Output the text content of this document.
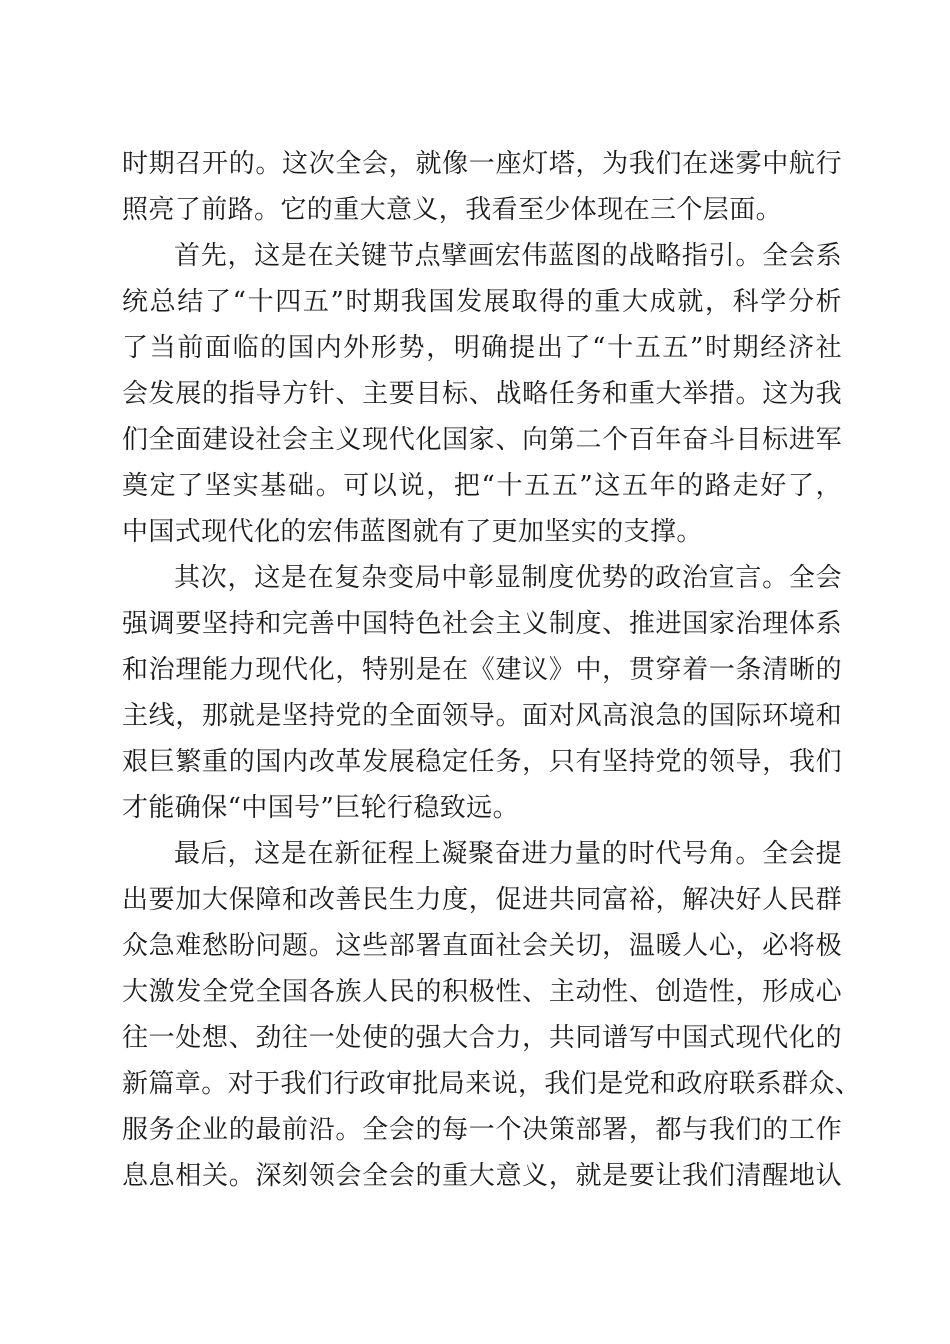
时期召开的。这次全会，就像一座灯塔，为我们在迷雾中航行
照亮了前路。它的重大意义，我看至少体现在三个层面。
首先，这是在关键节点擘画宏伟蓝图的战略指引。全会系
统总结了“十四五”时期我国发展取得的重大成就，科学分析
了当前面临的国内外形势，明确提出了“十五五”时期经济社
会发展的指导方针、主要目标、战略任务和重大举措。这为我
们全面建设社会主义现代化国家、向第二个百年奋斗目标进军
奠定了坚实基础。可以说，把“十五五”这五年的路走好了，
中国式现代化的宏伟蓝图就有了更加坚实的支撑。
其次，这是在复杂变局中彰显制度优势的政治宣言。全会
强调要坚持和完善中国特色社会主义制度、推进国家治理体系
和治理能力现代化，特别是在《建议》中，贯穿着一条清晰的
主线，那就是坚持党的全面领导。面对风高浪急的国际环境和
艰巨繁重的国内改革发展稳定任务，只有坚持党的领导，我们
才能确保“中国号”巨轮行稳致远。
最后，这是在新征程上凝聚奋进力量的时代号角。全会提
出要加大保障和改善民生力度，促进共同富裕，解决好人民群
众急难愁盼问题。这些部署直面社会关切，温暖人心，必将极
大激发全党全国各族人民的积极性、主动性、创造性，形成心
往一处想、劲往一处使的强大合力，共同谱写中国式现代化的
新篇章。对于我们行政审批局来说，我们是党和政府联系群众、
服务企业的最前沿。全会的每一个决策部署，都与我们的工作
息息相关。深刻领会全会的重大意义，就是要让我们清醒地认
